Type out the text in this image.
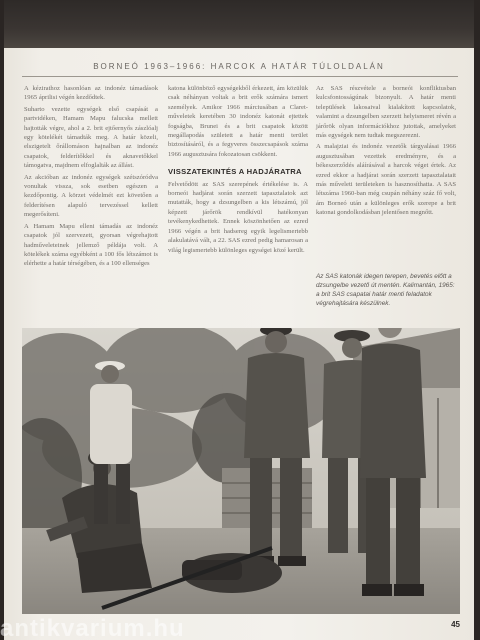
BORNEÓ 1963–1966: HARCOK A HATÁR TÚLOLDALÁN

A kézirathoz hasonlóan az indonéz támadások 1965 áprilisi végén kezdődtek.

Suharto vezette egységek első csapását a partvidéken, Hamam Mapu falucska mellett hajtották végre, ahol a 2. brit ejtőernyős zászlóalj egy kötelékét támadták meg. A határ közeli, elszigetelt őrállomáson hajnalban az indonéz csapatok, felderítőkkel és aknavetőkkel támogatva, majdnem elfoglalták az állást.

Az akcióban az indonéz egységek szétszóródva vonultak vissza, sok esetben egészen a kezdőpontig. A körzet védelmét ezt követően a felderítésen alapuló tervezéssel kellett megerősíteni.

A Hamam Mapu elleni támadás az indonéz csapatok jól szervezett, gyorsan végrehajtott hadműveleteinek jellemző példája volt. A kötelékek száma egyébként a 100 fős létszámot is elérhette a határ térségében, és a 100 ellenséges

katona különböző egységekből érkezett, ám közülük csak néhányan voltak a brit erők számára ismert személyek. Amikor 1966 márciusában a Claret-műveletek keretében 30 indonéz katonát ejtettek fogságba, Brunei és a brit csapatok között megállapodás született a határ menti terület biztosításáról, és a fegyveres összecsapások száma 1966 augusztusára fokozatosan csökkent.

VISSZATEKINTÉS A HADJÁRATRA

Felvetődött az SAS szerepének értékelése is. A borneói hadjárat során szerzett tapasztalatok azt mutatták, hogy a dzsungelben a kis létszámú, jól képzett járőrök rendkívül hatékonyan tevékenykedhettek. Ennek köszönhetően az ezred 1966 végén a brit hadsereg egyik legelismertebb alakulatává vált, a 22. SAS ezred pedig hamarosan a világ legismertebb különleges egységei közé került.

Az SAS részvétele a borneói konfliktusban kulcsfontosságúnak bizonyult. A határ menti települések lakosaival kialakított kapcsolatok, valamint a dzsungelben szerzett helyismeret révén a járőrök olyan információkhoz jutottak, amelyeket más egységek nem tudtak megszerezni.

A malajziai és indonéz vezetők tárgyalásai 1966 augusztusában vezettek eredményre, és a békeszerződés aláírásával a harcok véget értek. Az ezred ekkor a hadjárat során szerzett tapasztalatait más műveleti területeken is hasznosíthatta. A SAS létszáma 1960-ban még csupán néhány száz fő volt, ám Borneó után a különleges erők szerepe a brit katonai gondolkodásban jelentősen megnőtt.

Az SAS katonák idegen terepen, bevetés előtt a dzsungelbe vezető út mentén. Kalimantán, 1965: a brit SAS csapatai határ menti feladatok végrehajtására készülnek.
45
antikvarium.hu
